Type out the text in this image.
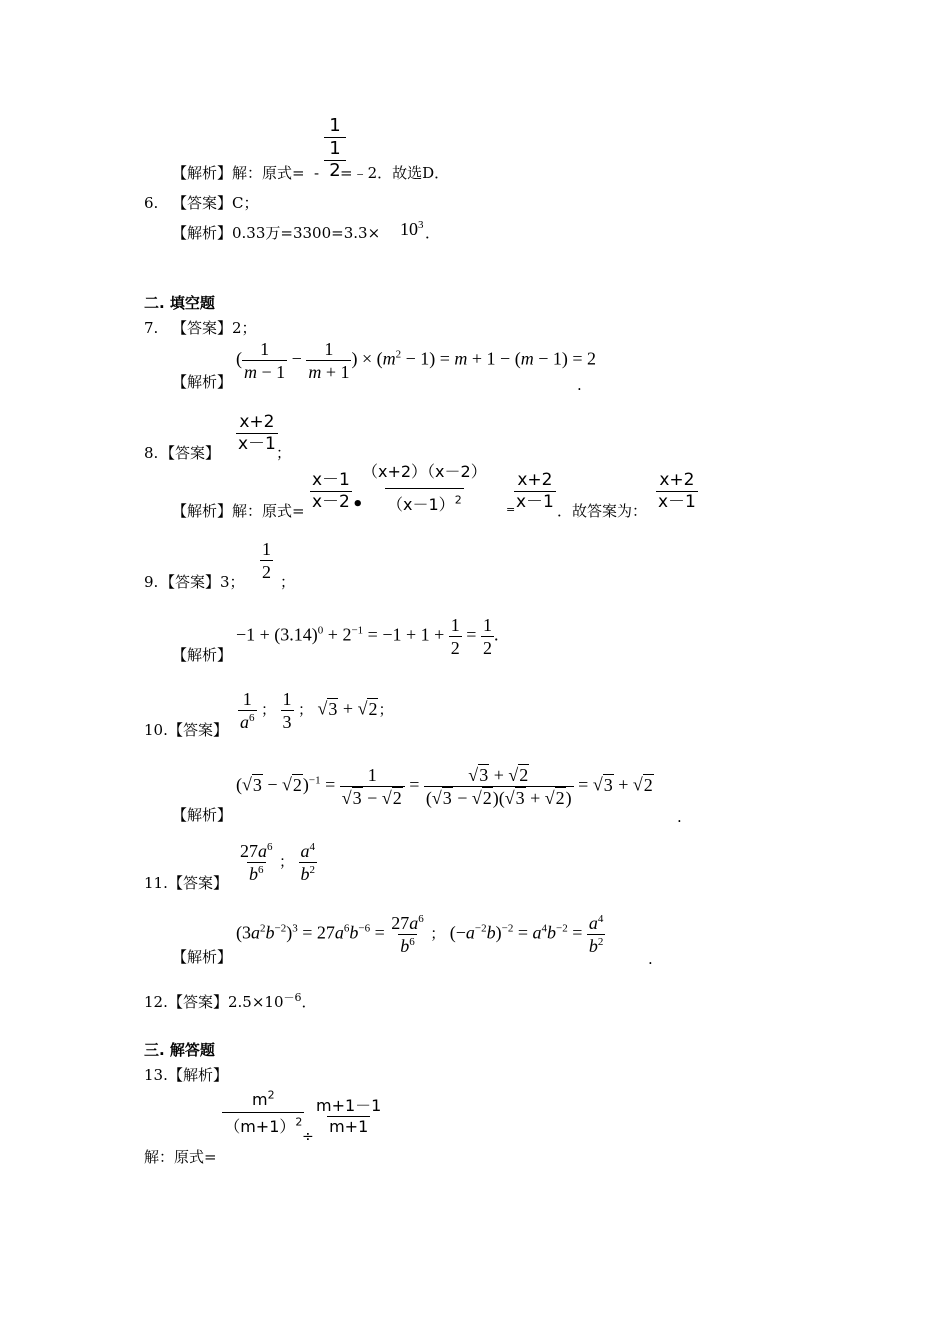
【解析】解：原式= -
1
1
2 =﹣2．故选D．
6. 【答案】C；
【解析】0.33万$=3300=3.3\times 10^3$ ．
二. 填空题
7. 【答案】2；
【解析】
( $\frac{1}{m - 1} - \frac{1}{m + 1}$ ) × $(m^2 - 1) = m + 1 - (m - 1) = 2$
.
8. 【答案】 $\frac{x+2}{x-1}$
；
【解析】解：原式= $\frac{x-1}{x-2}$ •
$\frac{(x+2)(x-2)}{(x-1)^2}$ =
$\frac{x+2}{x-1}$ ．故答案为： $\frac{x+2}{x-1}$
9. 【答案】3；
$\frac{1}{2}$
；
【解析】
$-1 + (3.14)^0 + 2^{-1} = -1 + 1 + \frac{1}{2} = \frac{1}{2}$ .
10. 【答案】 $\frac{1}{a^6}$ ； $\frac{1}{3}$ ； √3 + √2；
【解析】
$(√3 - √2)^{-1} = \frac{1}{√3 - √2} = \frac{√3 + √2}{(√3 - √2)(√3 + √2)} = √3 + √2$
.
11. 【答案】 $\frac{27a^6}{b^6}$ ； $\frac{a^4}{b^2}$
【解析】
$(3a^2b^{-2})^3 = 27a^6b^{-6} = \frac{27a^6}{b^6}$ ； $(-a^{-2}b)^{-2} = a^4b^{-2} = \frac{a^4}{b^2}$
.
12. 【答案】$2.5\times 10^{-6}$．
三. 解答题
13. 【解析】
$\frac{m^2}{(m+1)^2}$
÷
$\frac{m+1-1}{m+1}$
解：原式=
